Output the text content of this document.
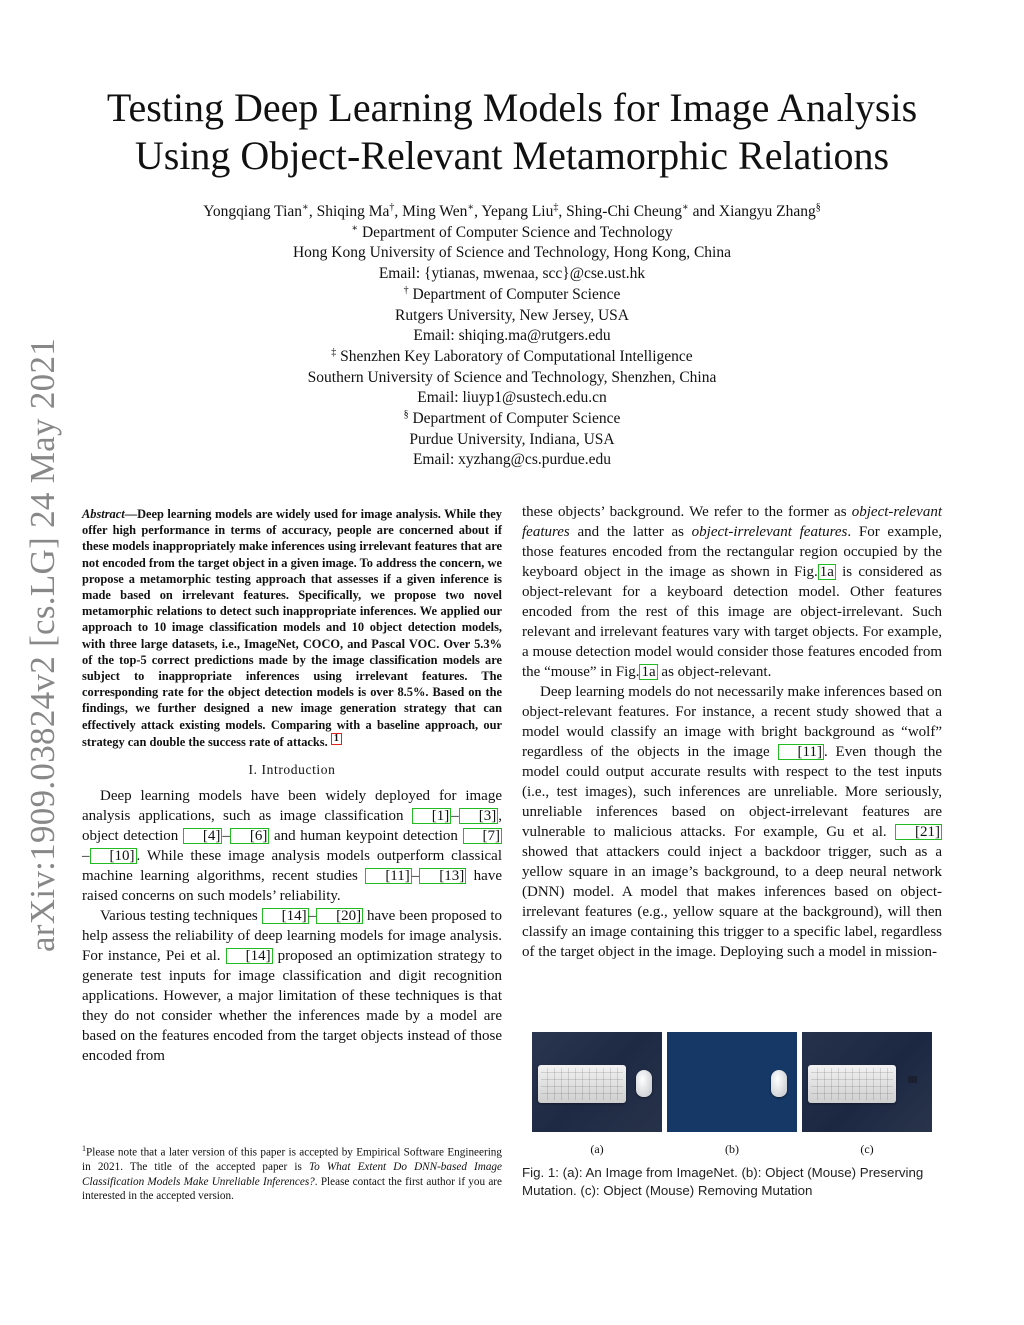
arXiv:1909.03824v2 [cs.LG] 24 May 2021
Testing Deep Learning Models for Image Analysis
Using Object-Relevant Metamorphic Relations
Yongqiang Tian∗, Shiqing Ma†, Ming Wen∗, Yepang Liu‡, Shing-Chi Cheung∗ and Xiangyu Zhang§
∗ Department of Computer Science and Technology
Hong Kong University of Science and Technology, Hong Kong, China
Email: {ytianas, mwenaa, scc}@cse.ust.hk
† Department of Computer Science
Rutgers University, New Jersey, USA
Email: shiqing.ma@rutgers.edu
‡ Shenzhen Key Laboratory of Computational Intelligence
Southern University of Science and Technology, Shenzhen, China
Email: liuyp1@sustech.edu.cn
§ Department of Computer Science
Purdue University, Indiana, USA
Email: xyzhang@cs.purdue.edu

Abstract—Deep learning models are widely used for image analysis. While they offer high performance in terms of accuracy, people are concerned about if these models inappropriately make inferences using irrelevant features that are not encoded from the target object in a given image. To address the concern, we propose a metamorphic testing approach that assesses if a given inference is made based on irrelevant features. Specifically, we propose two novel metamorphic relations to detect such inappropriate inferences. We applied our approach to 10 image classification models and 10 object detection models, with three large datasets, i.e., ImageNet, COCO, and Pascal VOC. Over 5.3% of the top-5 correct predictions made by the image classification models are subject to inappropriate inferences using irrelevant features. The corresponding rate for the object detection models is over 8.5%. Based on the findings, we further designed a new image generation strategy that can effectively attack existing models. Comparing with a baseline approach, our strategy can double the success rate of attacks. 1

I. Introduction

Deep learning models have been widely deployed for image analysis applications, such as image classification [1] – [3] , object detection [4] – [6] and human keypoint detection [7]– [10] . While these image analysis models outperform classical machine learning algorithms, recent studies [11] – [13] have raised concerns on such models’ reliability.

Various testing techniques [14] – [20] have been proposed to help assess the reliability of deep learning models for image analysis. For instance, Pei et al. [14] proposed an optimization strategy to generate test inputs for image classification and digit recognition applications. However, a major limitation of these techniques is that they do not consider whether the inferences made by a model are based on the features encoded from the target objects instead of those encoded from

these objects’ background. We refer to the former as object-relevant features and the latter as object-irrelevant features. For example, those features encoded from the rectangular region occupied by the keyboard object in the image as shown in Fig. 1a is considered as object-relevant for a keyboard detection model. Other features encoded from the rest of this image are object-irrelevant. Such relevant and irrelevant features vary with target objects. For example, a mouse detection model would consider those features encoded from the “mouse” in Fig. 1a as object-relevant.

Deep learning models do not necessarily make inferences based on object-relevant features. For instance, a recent study showed that a model would classify an image with bright background as “wolf” regardless of the objects in the image [11] . Even though the model could output accurate results with respect to the test inputs (i.e., test images), such inferences are unreliable. More seriously, unreliable inferences based on object-irrelevant features are vulnerable to malicious attacks. For example, Gu et al. [21] showed that attackers could inject a backdoor trigger, such as a yellow square in an image’s background, to a deep neural network (DNN) model. A model that makes inferences based on object-irrelevant features (e.g., yellow square at the background), will then classify an image containing this trigger to a specific label, regardless of the target object in the image. Deploying such a model in mission-

(a)	(b)	(c)
Fig. 1: (a): An Image from ImageNet. (b): Object (Mouse) Preserving Mutation. (c): Object (Mouse) Removing Mutation
$^1$Please note that a later version of this paper is accepted by Empirical Software Engineering in 2021. The title of the accepted paper is To What Extent Do DNN-based Image Classification Models Make Unreliable Inferences?. Please contact the first author if you are interested in the accepted version.
